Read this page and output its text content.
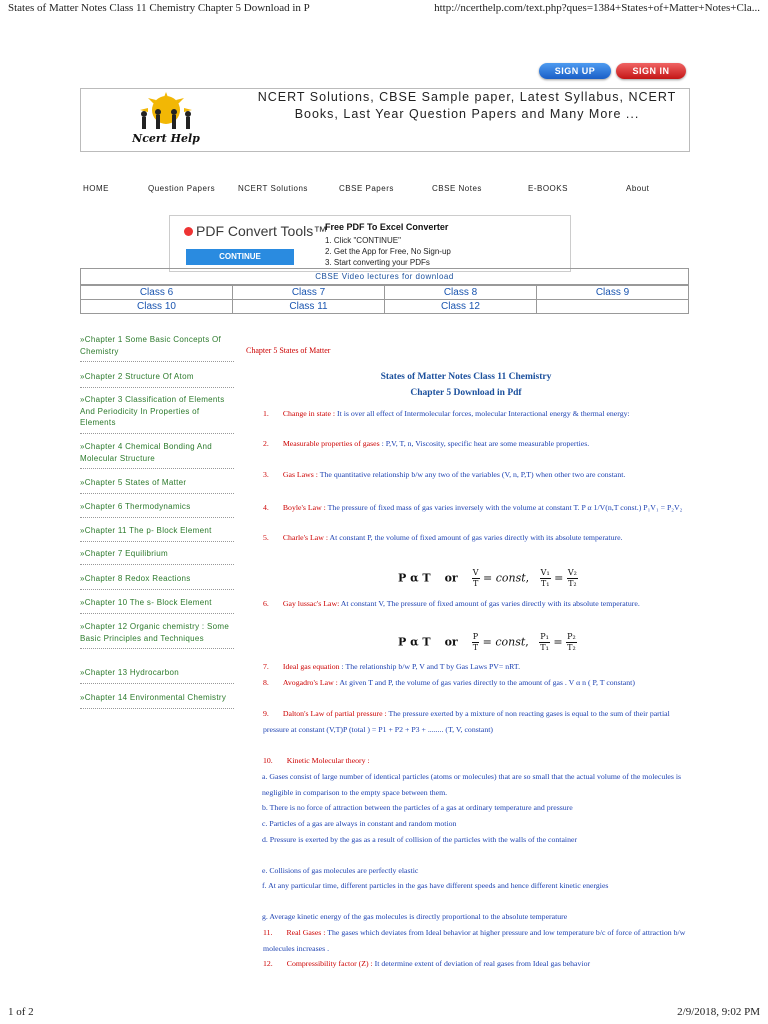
States of Matter Notes Class 11 Chemistry Chapter 5 Download in P	http://ncerthelp.com/text.php?ques=1384+States+of+Matter+Notes+Cla...
SIGN UP	SIGN IN
Ncert Help
NCERT Solutions, CBSE Sample paper, Latest Syllabus, NCERT Books, Last Year Question Papers and Many More ...
HOME	Question Papers	NCERT Solutions	CBSE Papers	CBSE Notes	E-BOOKS	About
PDF Convert Tools™
CONTINUE
Free PDF To Excel Converter
1. Click "CONTINUE"
2. Get the App for Free, No Sign-up
3. Start converting your PDFs
CBSE Video lectures for download
Class 6	Class 7	Class 8	Class 9
Class 10	Class 11	Class 12	
»Chapter 1 Some Basic Concepts Of Chemistry
»Chapter 2 Structure Of Atom
»Chapter 3 Classification of Elements And Periodicity In Properties of Elements
»Chapter 4 Chemical Bonding And Molecular Structure
»Chapter 5 States of Matter
»Chapter 6 Thermodynamics
»Chapter 11 The p- Block Element
»Chapter 7 Equilibrium
»Chapter 8 Redox Reactions
»Chapter 10 The s- Block Element
»Chapter 12 Organic chemistry : Some Basic Principles and Techniques
»Chapter 13 Hydrocarbon
»Chapter 14 Environmental Chemistry
Chapter 5 States of Matter
States of Matter Notes Class 11 Chemistry
Chapter 5 Download in Pdf
1. Change in state : It is over all effect of Intermolecular forces, molecular Interactional energy & thermal energy:
2. Measurable properties of gases : P,V, T, n, Viscosity, specific heat are some measurable properties.
3. Gas Laws : The quantitative relationship b/w any two of the variables (V, n, P,T) when other two are constant.
4. Boyle's Law : The pressure of fixed mass of gas varies inversely with the volume at constant T. P α 1/V(n,T const.) P₁V₁ = P₂V₂
5. Charle's Law : At constant P, the volume of fixed amount of gas varies directly with its absolute temperature.
P α T or V
T = const, V₁
T₁ = V₂
T₂
6. Gay lussac's Law: At constant V, The pressure of fixed amount of gas varies directly with its absolute temperature.
P α T or P
T = const, P₁
T₁ = P₂
T₂
7. Ideal gas equation : The relationship b/w P, V and T by Gas Laws PV= nRT.
8. Avogadro's Law : At given T and P, the volume of gas varies directly to the amount of gas . V α n ( P, T constant)
9. Dalton's Law of partial pressure : The pressure exerted by a mixture of non reacting gases is equal to the sum of their partial pressure at constant (V,T)P (total ) = P1 + P2 + P3 + ........ (T, V, constant)
10. Kinetic Molecular theory :
a. Gases consist of large number of identical particles (atoms or molecules) that are so small that the actual volume of the molecules is negligible in comparison to the empty space between them.
b. There is no force of attraction between the particles of a gas at ordinary temperature and pressure
c. Particles of a gas are always in constant and random motion
d. Pressure is exerted by the gas as a result of collision of the particles with the walls of the container
e. Collisions of gas molecules are perfectly elastic
f. At any particular time, different particles in the gas have different speeds and hence different kinetic energies
g. Average kinetic energy of the gas molecules is directly proportional to the absolute temperature
11. Real Gases : The gases which deviates from Ideal behavior at higher pressure and low temperature b/c of force of attraction b/w molecules increases .
12. Compressibility factor (Z) : It determine extent of deviation of real gases from Ideal gas behavior
1 of 2	2/9/2018, 9:02 PM
